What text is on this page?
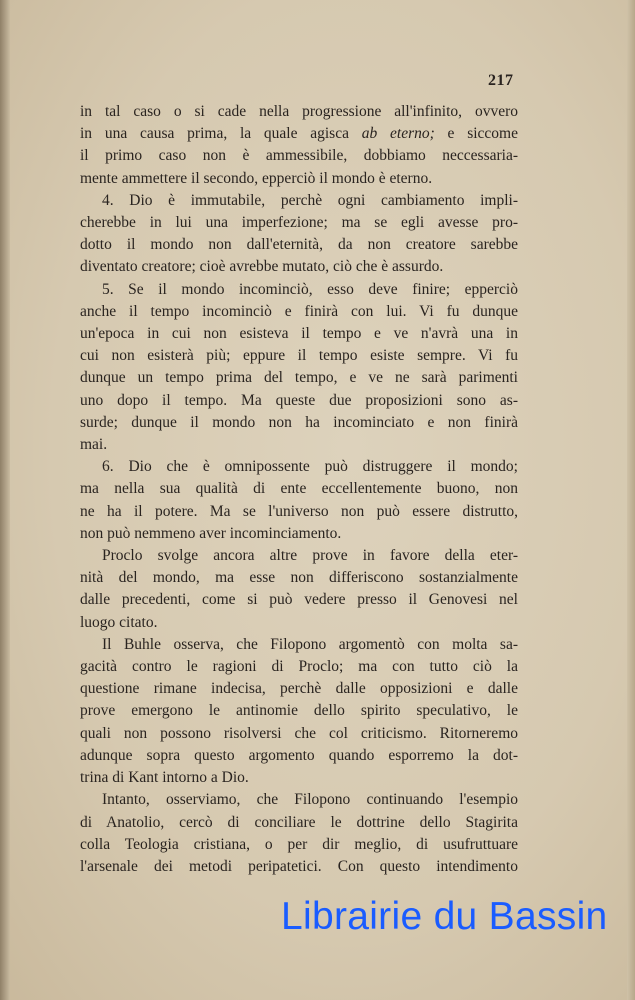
217
in tal caso o si cade nella progressione all'infinito, ovvero
in una causa prima, la quale agisca ab eterno; e siccome
il primo caso non è ammessibile, dobbiamo neccessaria-
mente ammettere il secondo, epperciò il mondo è eterno.
4. Dio è immutabile, perchè ogni cambiamento impli-
cherebbe in lui una imperfezione; ma se egli avesse pro-
dotto il mondo non dall'eternità, da non creatore sarebbe
diventato creatore; cioè avrebbe mutato, ciò che è assurdo.
5. Se il mondo incominciò, esso deve finire; epperciò
anche il tempo incominciò e finirà con lui. Vi fu dunque
un'epoca in cui non esisteva il tempo e ve n'avrà una in
cui non esisterà più; eppure il tempo esiste sempre. Vi fu
dunque un tempo prima del tempo, e ve ne sarà parimenti
uno dopo il tempo. Ma queste due proposizioni sono as-
surde; dunque il mondo non ha incominciato e non finirà
mai.
6. Dio che è omnipossente può distruggere il mondo;
ma nella sua qualità di ente eccellentemente buono, non
ne ha il potere. Ma se l'universo non può essere distrutto,
non può nemmeno aver incominciamento.
Proclo svolge ancora altre prove in favore della eter-
nità del mondo, ma esse non differiscono sostanzialmente
dalle precedenti, come si può vedere presso il Genovesi nel
luogo citato.
Il Buhle osserva, che Filopono argomentò con molta sa-
gacità contro le ragioni di Proclo; ma con tutto ciò la
questione rimane indecisa, perchè dalle opposizioni e dalle
prove emergono le antinomie dello spirito speculativo, le
quali non possono risolversi che col criticismo. Ritorneremo
adunque sopra questo argomento quando esporremo la dot-
trina di Kant intorno a Dio.
Intanto, osserviamo, che Filopono continuando l'esempio
di Anatolio, cercò di conciliare le dottrine dello Stagirita
colla Teologia cristiana, o per dir meglio, di usufruttuare
l'arsenale dei metodi peripatetici. Con questo intendimento
Librairie du Bassin
